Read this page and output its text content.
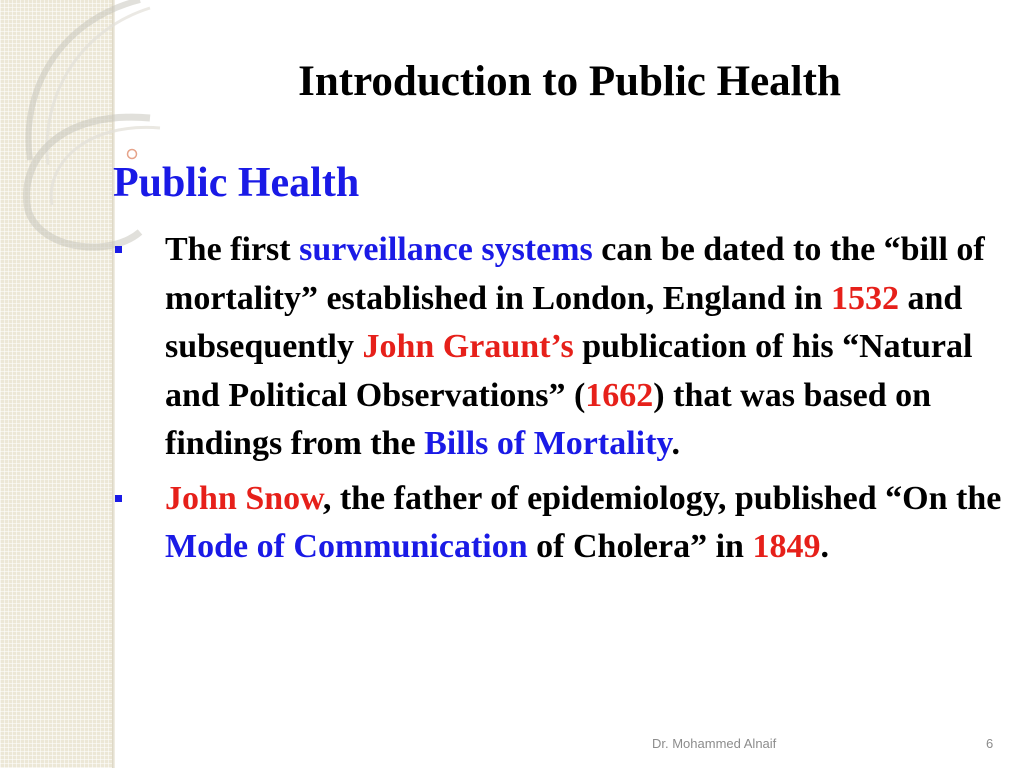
Introduction to Public Health
Public Health
The first surveillance systems can be dated to the “bill of mortality” established in London, England in 1532 and subsequently John Graunt’s publication of his “Natural and Political Observations” (1662) that was based on findings from the Bills of Mortality.
John Snow, the father of epidemiology, published “On the Mode of Communication of Cholera” in 1849.
Dr. Mohammed Alnaif	6
